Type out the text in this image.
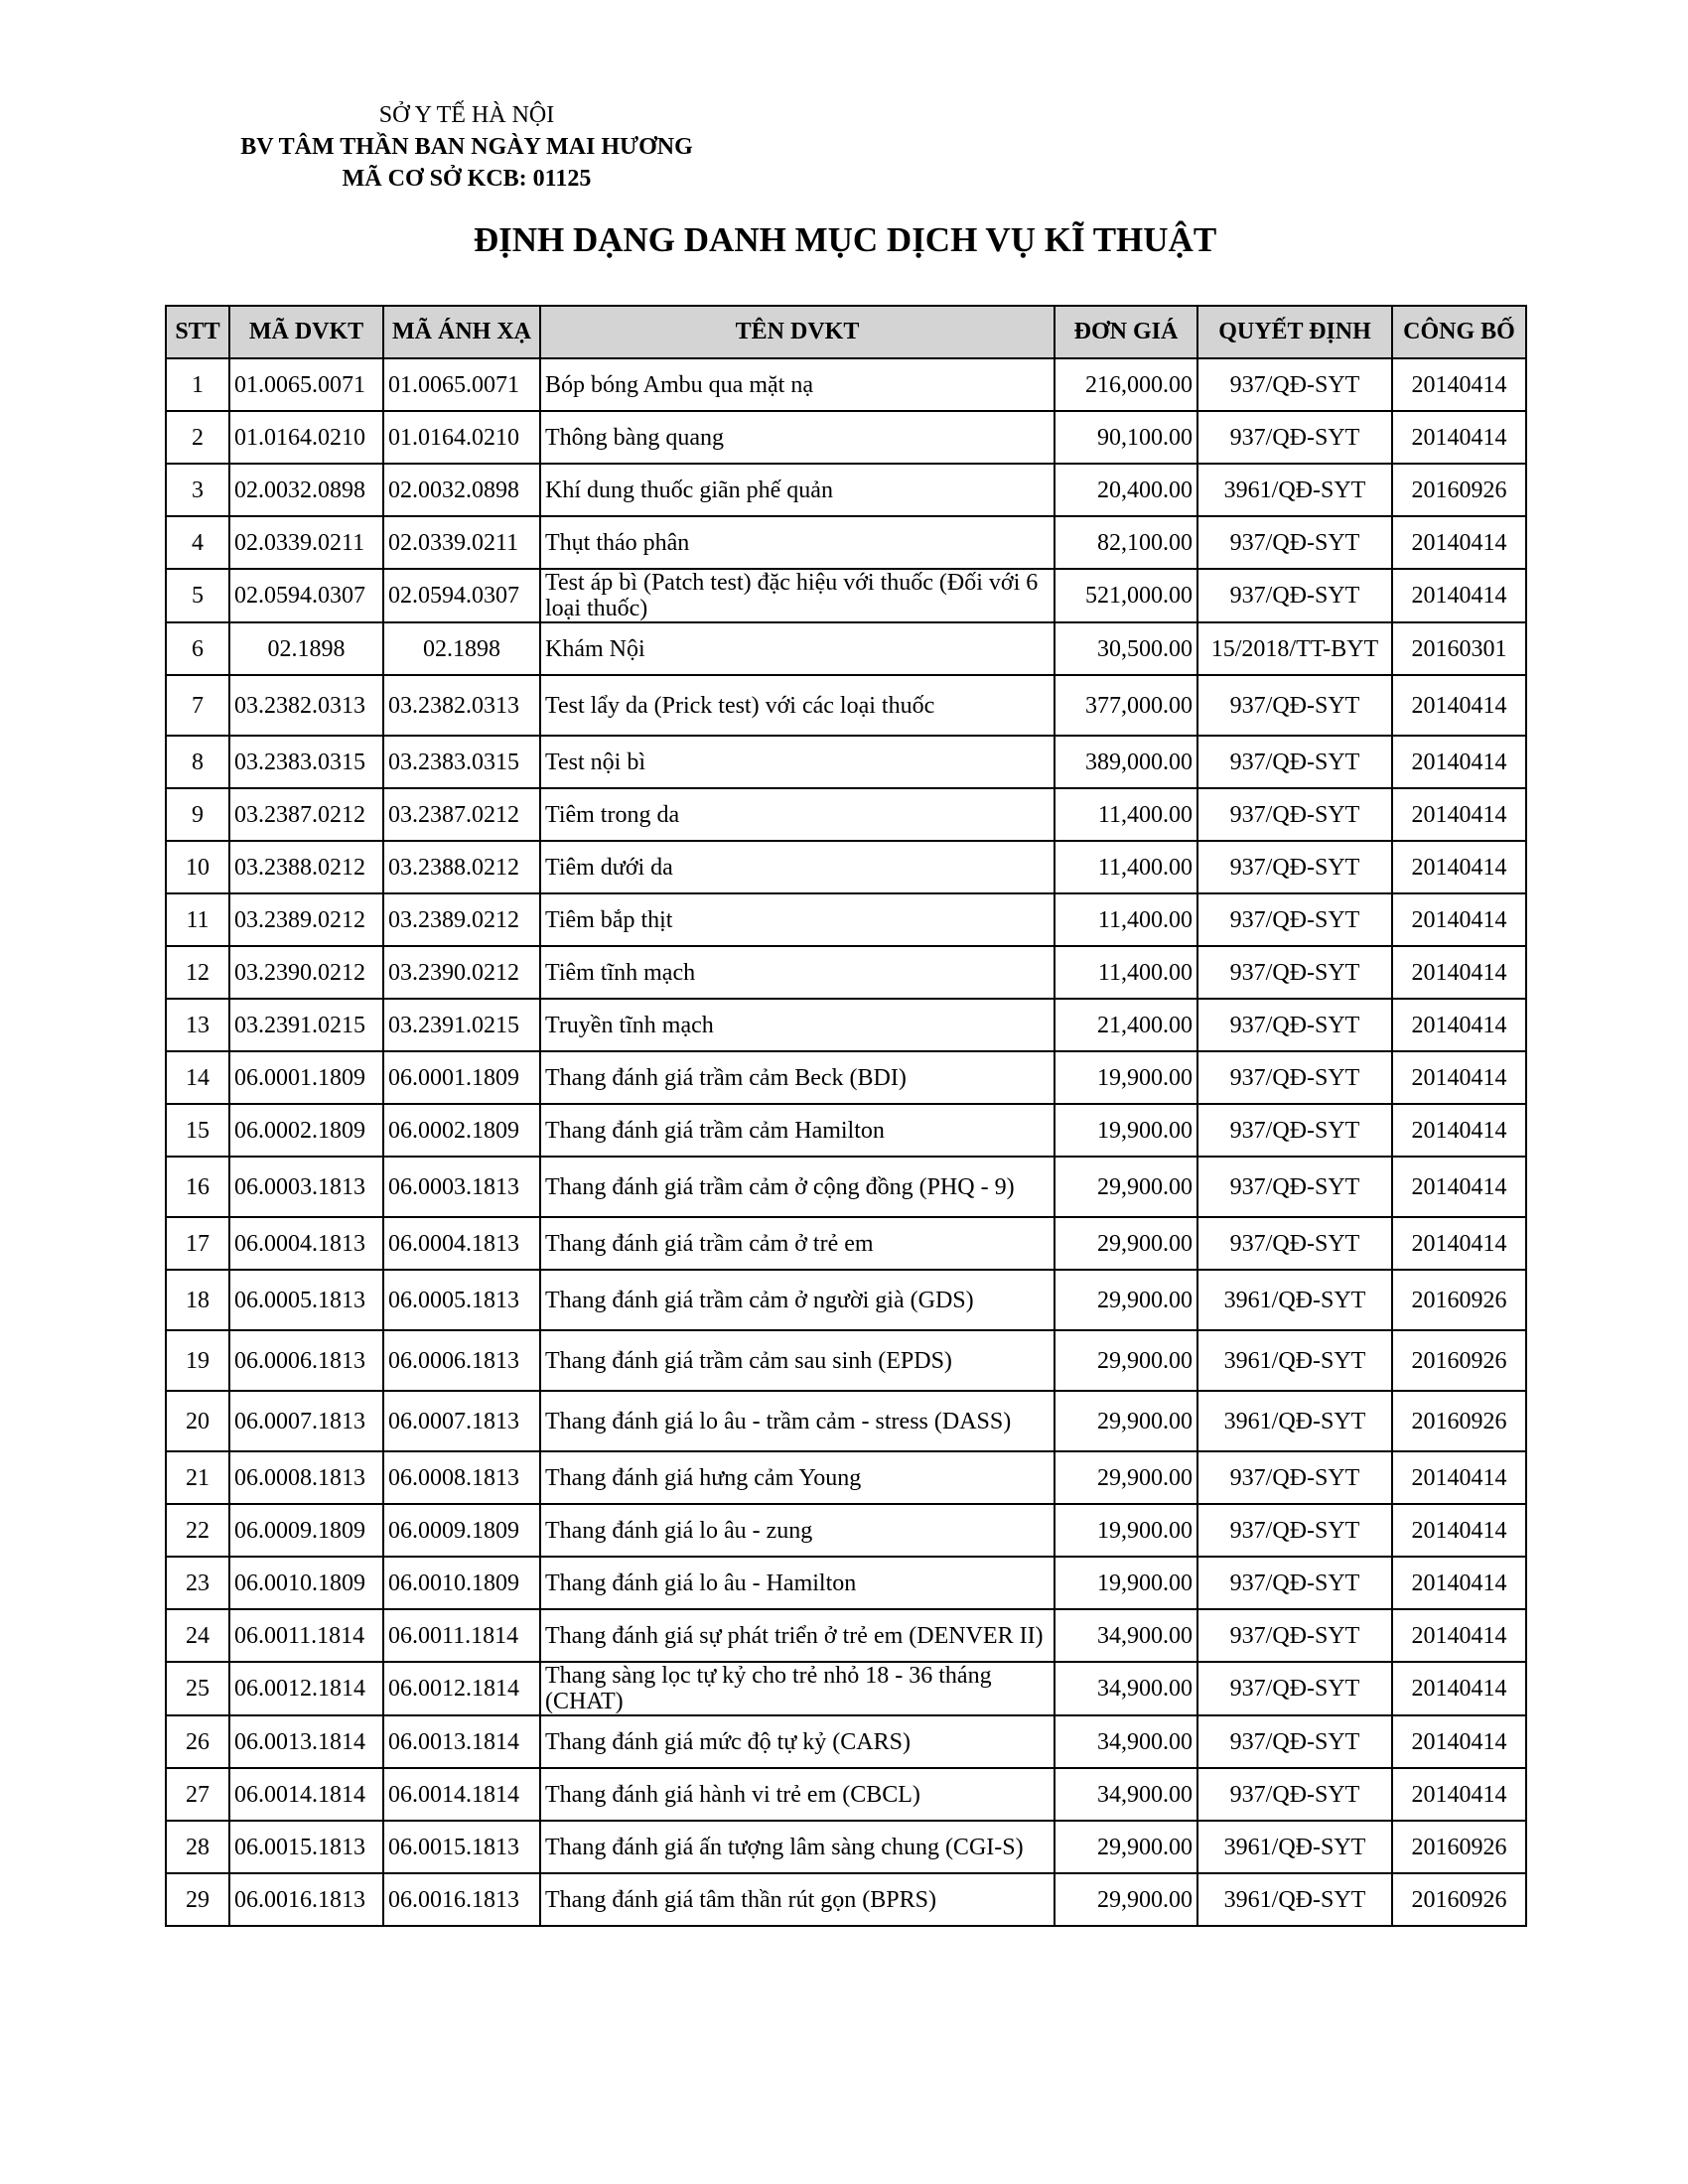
SỞ Y TẾ HÀ NỘI
BV TÂM THẦN BAN NGÀY MAI HƯƠNG
MÃ CƠ SỞ KCB: 01125
ĐỊNH DẠNG DANH MỤC DỊCH VỤ KĨ THUẬT
STT	MÃ DVKT	MÃ ÁNH XẠ	TÊN DVKT	ĐƠN GIÁ	QUYẾT ĐỊNH	CÔNG BỐ
1	01.0065.0071	01.0065.0071	Bóp bóng Ambu qua mặt nạ	216,000.00	937/QĐ-SYT	20140414
2	01.0164.0210	01.0164.0210	Thông bàng quang	90,100.00	937/QĐ-SYT	20140414
3	02.0032.0898	02.0032.0898	Khí dung thuốc giãn phế quản	20,400.00	3961/QĐ-SYT	20160926
4	02.0339.0211	02.0339.0211	Thụt tháo phân	82,100.00	937/QĐ-SYT	20140414
5	02.0594.0307	02.0594.0307	Test áp bì (Patch test) đặc hiệu với thuốc (Đối với 6 loại thuốc)	521,000.00	937/QĐ-SYT	20140414
6	02.1898	02.1898	Khám Nội	30,500.00	15/2018/TT-BYT	20160301
7	03.2382.0313	03.2382.0313	Test lẩy da (Prick test) với các loại thuốc	377,000.00	937/QĐ-SYT	20140414
8	03.2383.0315	03.2383.0315	Test nội bì	389,000.00	937/QĐ-SYT	20140414
9	03.2387.0212	03.2387.0212	Tiêm trong da	11,400.00	937/QĐ-SYT	20140414
10	03.2388.0212	03.2388.0212	Tiêm dưới da	11,400.00	937/QĐ-SYT	20140414
11	03.2389.0212	03.2389.0212	Tiêm bắp thịt	11,400.00	937/QĐ-SYT	20140414
12	03.2390.0212	03.2390.0212	Tiêm tĩnh mạch	11,400.00	937/QĐ-SYT	20140414
13	03.2391.0215	03.2391.0215	Truyền tĩnh mạch	21,400.00	937/QĐ-SYT	20140414
14	06.0001.1809	06.0001.1809	Thang đánh giá trầm cảm Beck (BDI)	19,900.00	937/QĐ-SYT	20140414
15	06.0002.1809	06.0002.1809	Thang đánh giá trầm cảm Hamilton	19,900.00	937/QĐ-SYT	20140414
16	06.0003.1813	06.0003.1813	Thang đánh giá trầm cảm ở cộng đồng (PHQ - 9)	29,900.00	937/QĐ-SYT	20140414
17	06.0004.1813	06.0004.1813	Thang đánh giá trầm cảm ở trẻ em	29,900.00	937/QĐ-SYT	20140414
18	06.0005.1813	06.0005.1813	Thang đánh giá trầm cảm ở người già (GDS)	29,900.00	3961/QĐ-SYT	20160926
19	06.0006.1813	06.0006.1813	Thang đánh giá trầm cảm sau sinh (EPDS)	29,900.00	3961/QĐ-SYT	20160926
20	06.0007.1813	06.0007.1813	Thang đánh giá lo âu - trầm cảm - stress (DASS)	29,900.00	3961/QĐ-SYT	20160926
21	06.0008.1813	06.0008.1813	Thang đánh giá hưng cảm Young	29,900.00	937/QĐ-SYT	20140414
22	06.0009.1809	06.0009.1809	Thang đánh giá lo âu - zung	19,900.00	937/QĐ-SYT	20140414
23	06.0010.1809	06.0010.1809	Thang đánh giá lo âu - Hamilton	19,900.00	937/QĐ-SYT	20140414
24	06.0011.1814	06.0011.1814	Thang đánh giá sự phát triển ở trẻ em (DENVER II)	34,900.00	937/QĐ-SYT	20140414
25	06.0012.1814	06.0012.1814	Thang sàng lọc tự kỷ cho trẻ nhỏ 18 - 36 tháng (CHAT)	34,900.00	937/QĐ-SYT	20140414
26	06.0013.1814	06.0013.1814	Thang đánh giá mức độ tự kỷ (CARS)	34,900.00	937/QĐ-SYT	20140414
27	06.0014.1814	06.0014.1814	Thang đánh giá hành vi trẻ em (CBCL)	34,900.00	937/QĐ-SYT	20140414
28	06.0015.1813	06.0015.1813	Thang đánh giá ấn tượng lâm sàng chung (CGI-S)	29,900.00	3961/QĐ-SYT	20160926
29	06.0016.1813	06.0016.1813	Thang đánh giá tâm thần rút gọn (BPRS)	29,900.00	3961/QĐ-SYT	20160926
